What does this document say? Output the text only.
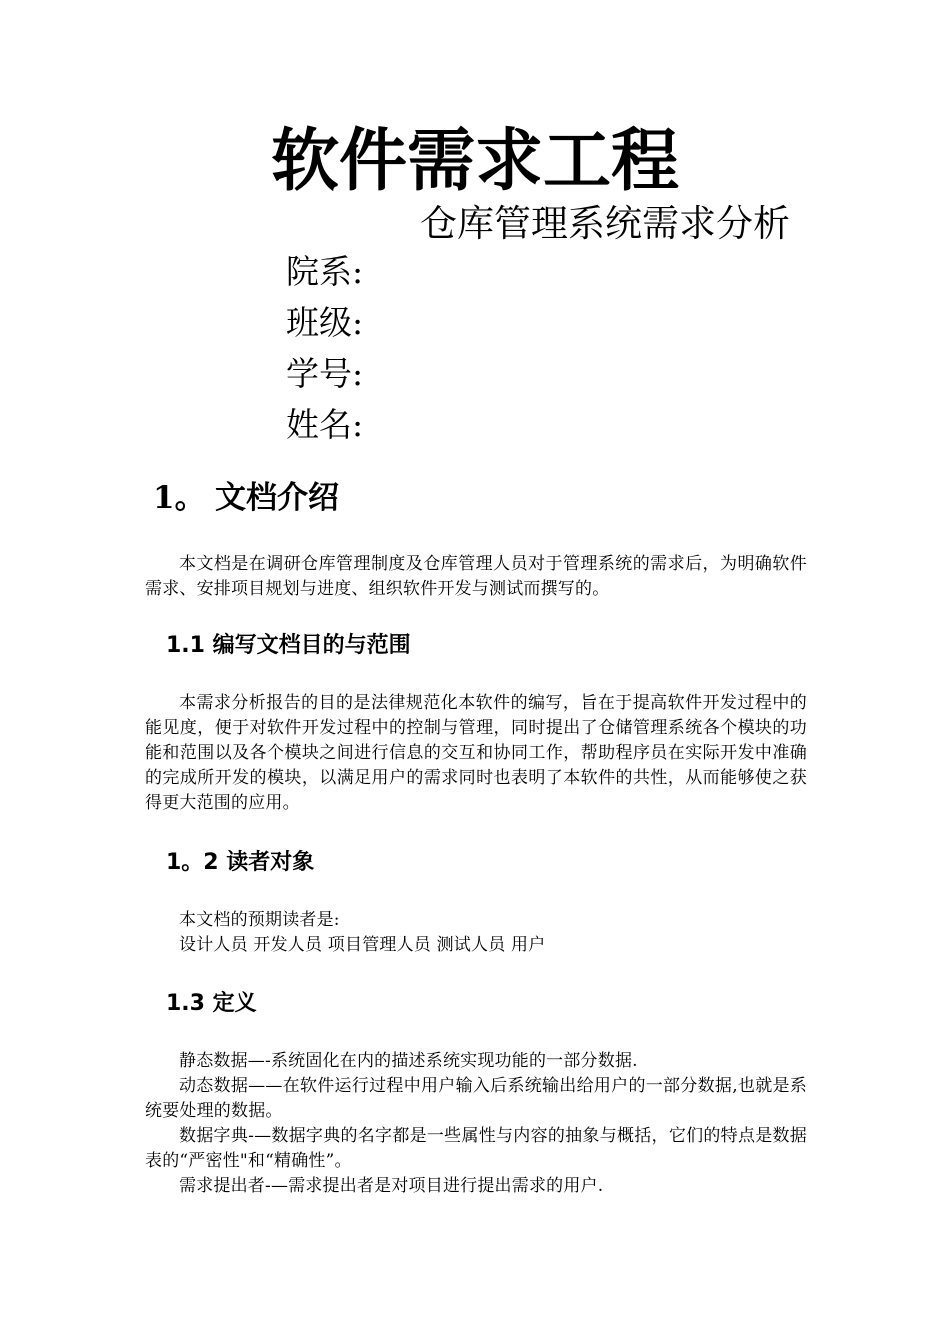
软件需求工程
仓库管理系统需求分析
院系:
班级:
学号:
姓名:
1。 文档介绍
本文档是在调研仓库管理制度及仓库管理人员对于管理系统的需求后，为明确软件需求、安排项目规划与进度、组织软件开发与测试而撰写的。
1.1 编写文档目的与范围
本需求分析报告的目的是法律规范化本软件的编写，旨在于提高软件开发过程中的能见度，便于对软件开发过程中的控制与管理，同时提出了仓储管理系统各个模块的功能和范围以及各个模块之间进行信息的交互和协同工作，帮助程序员在实际开发中准确的完成所开发的模块，以满足用户的需求同时也表明了本软件的共性，从而能够使之获得更大范围的应用。
1。2 读者对象
本文档的预期读者是:
设计人员 开发人员 项目管理人员 测试人员 用户
1.3 定义
静态数据—-系统固化在内的描述系统实现功能的一部分数据.
动态数据——在软件运行过程中用户输入后系统输出给用户的一部分数据,也就是系统要处理的数据。
数据字典-—数据字典的名字都是一些属性与内容的抽象与概括，它们的特点是数据表的“严密性"和“精确性”。
需求提出者-—需求提出者是对项目进行提出需求的用户.
